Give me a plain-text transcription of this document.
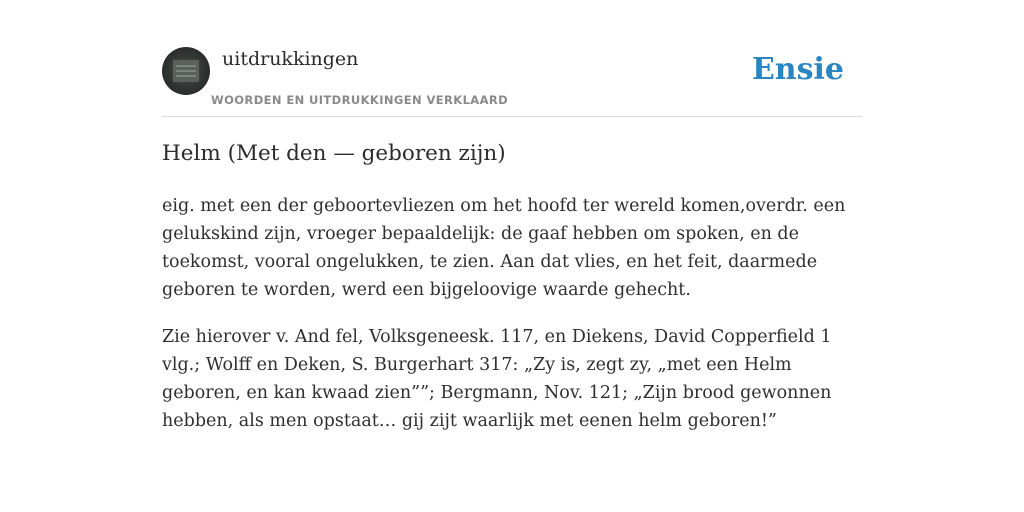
uitdrukkingen
WOORDEN EN UITDRUKKINGEN VERKLAARD
Ensie
Helm (Met den — geboren zijn)

eig. met een der geboortevliezen om het hoofd ter wereld komen,overdr. een gelukskind zijn, vroeger bepaaldelijk: de gaaf hebben om spoken, en de toekomst, vooral ongelukken, te zien. Aan dat vlies, en het feit, daarmede geboren te worden, werd een bijgeloovige waarde gehecht.

Zie hierover v. And fel, Volksgeneesk. 117, en Diekens, David Copperfield 1 vlg.; Wolff en Deken, S. Burgerhart 317: „Zy is, zegt zy, „met een Helm geboren, en kan kwaad zien””; Bergmann, Nov. 121; „Zijn brood gewonnen hebben, als men opstaat… gij zijt waarlijk met eenen helm geboren!”
